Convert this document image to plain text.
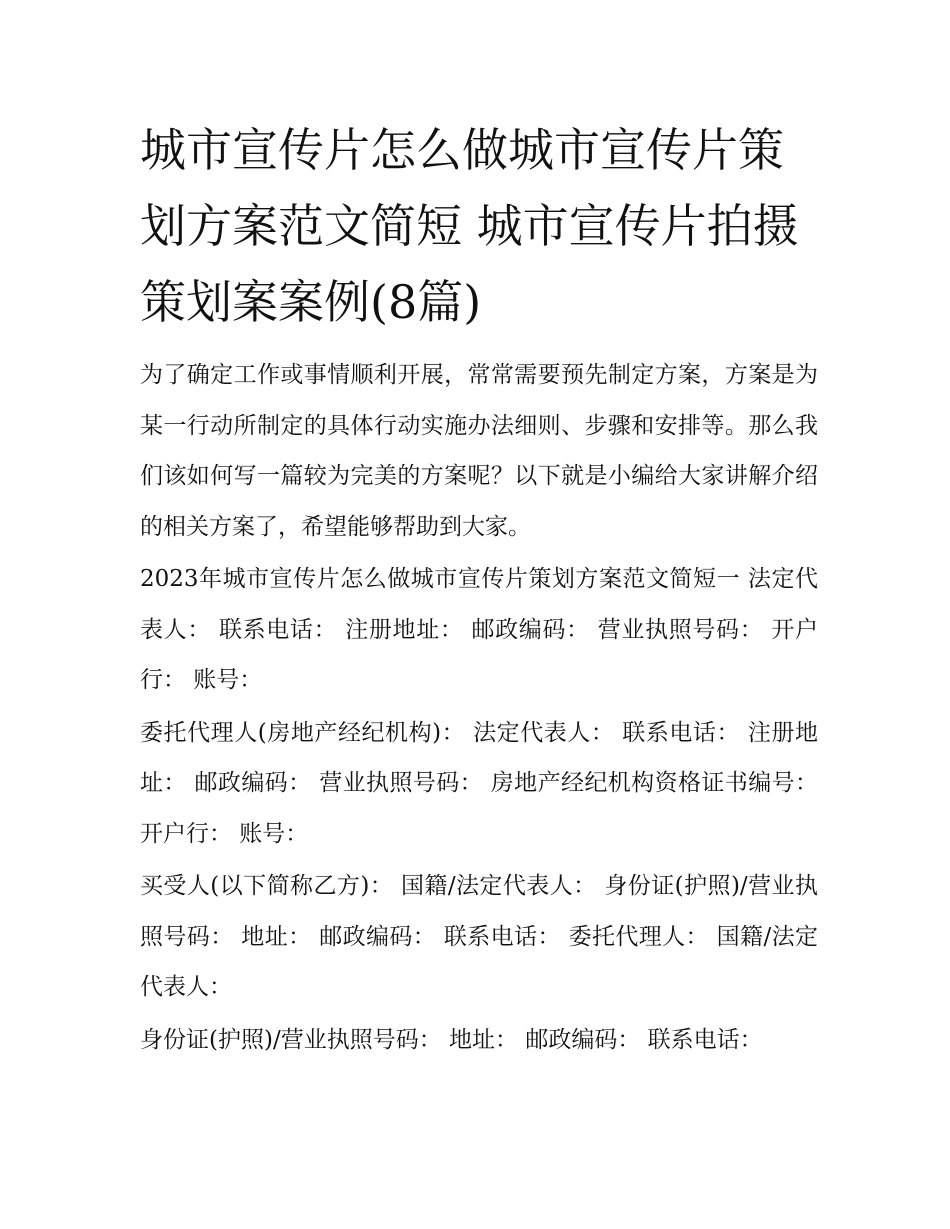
城市宣传片怎么做城市宣传片策划方案范文简短 城市宣传片拍摄策划案案例(8篇)

为了确定工作或事情顺利开展，常常需要预先制定方案，方案是为某一行动所制定的具体行动实施办法细则、步骤和安排等。那么我们该如何写一篇较为完美的方案呢？以下就是小编给大家讲解介绍的相关方案了，希望能够帮助到大家。

2023年城市宣传片怎么做城市宣传片策划方案范文简短一 法定代表人： 联系电话： 注册地址： 邮政编码： 营业执照号码： 开户行： 账号：

委托代理人(房地产经纪机构)： 法定代表人： 联系电话： 注册地址： 邮政编码： 营业执照号码： 房地产经纪机构资格证书编号： 开户行： 账号：

买受人(以下简称乙方)： 国籍/法定代表人： 身份证(护照)/营业执照号码： 地址： 邮政编码： 联系电话： 委托代理人： 国籍/法定代表人：

身份证(护照)/营业执照号码： 地址： 邮政编码： 联系电话：
